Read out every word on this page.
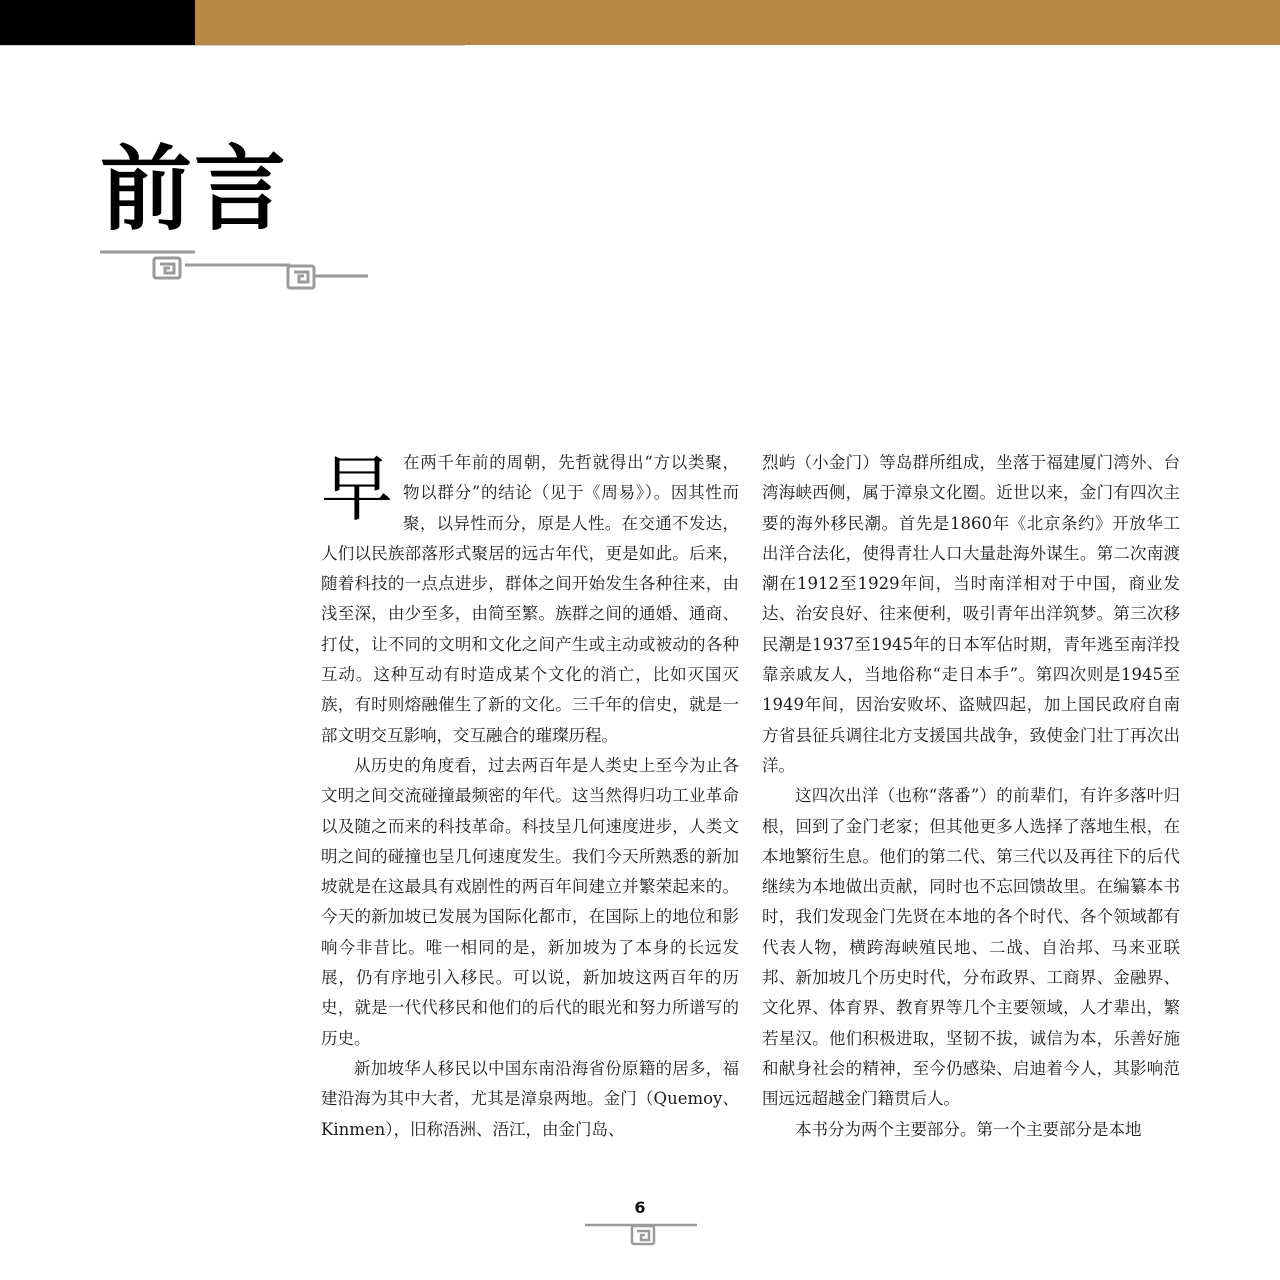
前言

早 在两千年前的周朝，先哲就得出“方以类聚，物以群分”的结论（见于《周易》）。因其性而聚，以异性而分，原是人性。在交通不发达，人们以民族部落形式聚居的远古年代，更是如此。后来，随着科技的一点点进步，群体之间开始发生各种往来，由浅至深，由少至多，由简至繁。族群之间的通婚、通商、打仗，让不同的文明和文化之间产生或主动或被动的各种互动。这种互动有时造成某个文化的消亡，比如灭国灭族，有时则熔融催生了新的文化。三千年的信史，就是一部文明交互影响，交互融合的璀璨历程。

从历史的角度看，过去两百年是人类史上至今为止各文明之间交流碰撞最频密的年代。这当然得归功工业革命以及随之而来的科技革命。科技呈几何速度进步，人类文明之间的碰撞也呈几何速度发生。我们今天所熟悉的新加坡就是在这最具有戏剧性的两百年间建立并繁荣起来的。今天的新加坡已发展为国际化都市，在国际上的地位和影响今非昔比。唯一相同的是，新加坡为了本身的长远发展，仍有序地引入移民。可以说，新加坡这两百年的历史，就是一代代移民和他们的后代的眼光和努力所谱写的历史。

新加坡华人移民以中国东南沿海省份原籍的居多，福建沿海为其中大者，尤其是漳泉两地。金门（Quemoy、Kinmen），旧称浯洲、浯江，由金门岛、

烈屿（小金门）等岛群所组成，坐落于福建厦门湾外、台湾海峡西侧，属于漳泉文化圈。近世以来，金门有四次主要的海外移民潮。首先是1860年《北京条约》开放华工出洋合法化，使得青壮人口大量赴海外谋生。第二次南渡潮在1912至1929年间，当时南洋相对于中国，商业发达、治安良好、往来便利，吸引青年出洋筑梦。第三次移民潮是1937至1945年的日本军佔时期，青年逃至南洋投靠亲戚友人，当地俗称“走日本手”。第四次则是1945至1949年间，因治安败坏、盗贼四起，加上国民政府自南方省县征兵调往北方支援国共战争，致使金门壮丁再次出洋。

这四次出洋（也称“落番”）的前辈们，有许多落叶归根，回到了金门老家；但其他更多人选择了落地生根，在本地繁衍生息。他们的第二代、第三代以及再往下的后代继续为本地做出贡献，同时也不忘回馈故里。在编纂本书时，我们发现金门先贤在本地的各个时代、各个领域都有代表人物，横跨海峡殖民地、二战、自治邦、马来亚联邦、新加坡几个历史时代，分布政界、工商界、金融界、文化界、体育界、教育界等几个主要领域，人才辈出，繁若星汉。他们积极进取，坚韧不拔，诚信为本，乐善好施和献身社会的精神，至今仍感染、启迪着今人，其影响范围远远超越金门籍贯后人。

本书分为两个主要部分。第一个主要部分是本地

6
